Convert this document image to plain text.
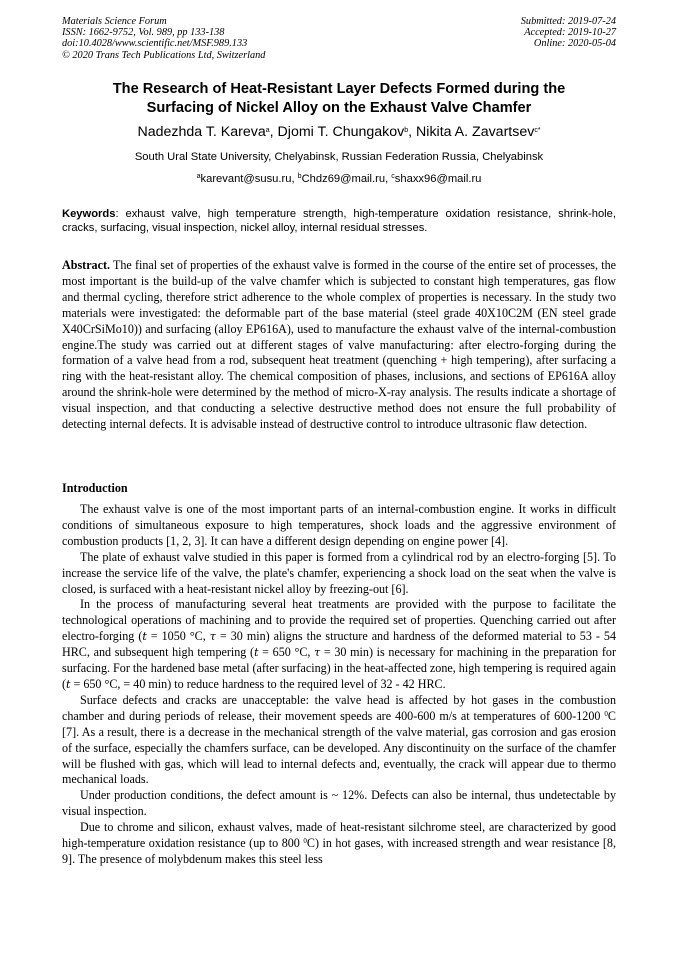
Materials Science Forum
ISSN: 1662-9752, Vol. 989, pp 133-138
doi:10.4028/www.scientific.net/MSF.989.133
© 2020 Trans Tech Publications Ltd, Switzerland
Submitted: 2019-07-24
Accepted: 2019-10-27
Online: 2020-05-04
The Research of Heat-Resistant Layer Defects Formed during the
Surfacing of Nickel Alloy on the Exhaust Valve Chamfer
Nadezhda T. Kareva$^a$, Djomi T. Chungakov$^b$, Nikita A. Zavartsev$^{c*}$
South Ural State University, Chelyabinsk, Russian Federation Russia, Chelyabinsk
$^a$karevant@susu.ru, $^b$Chdz69@mail.ru, $^c$shaxx96@mail.ru
Keywords: exhaust valve, high temperature strength, high-temperature oxidation resistance, shrink-hole, cracks, surfacing, visual inspection, nickel alloy, internal residual stresses.

Abstract. The final set of properties of the exhaust valve is formed in the course of the entire set of processes, the most important is the build-up of the valve chamfer which is subjected to constant high temperatures, gas flow and thermal cycling, therefore strict adherence to the whole complex of properties is necessary. In the study two materials were investigated: the deformable part of the base material (steel grade 40X10C2M (EN steel grade X40CrSiMo10)) and surfacing (alloy EP616A), used to manufacture the exhaust valve of the internal-combustion engine.The study was carried out at different stages of valve manufacturing: after electro-forging during the formation of a valve head from a rod, subsequent heat treatment (quenching + high tempering), after surfacing a ring with the heat-resistant alloy. The chemical composition of phases, inclusions, and sections of EP616A alloy around the shrink-hole were determined by the method of micro-X-ray analysis. The results indicate a shortage of visual inspection, and that conducting a selective destructive method does not ensure the full probability of detecting internal defects. It is advisable instead of destructive control to introduce ultrasonic flaw detection.

Introduction

The exhaust valve is one of the most important parts of an internal-combustion engine. It works in difficult conditions of simultaneous exposure to high temperatures, shock loads and the aggressive environment of combustion products [1, 2, 3]. It can have a different design depending on engine power [4].

The plate of exhaust valve studied in this paper is formed from a cylindrical rod by an electro-forging [5]. To increase the service life of the valve, the plate's chamfer, experiencing a shock load on the seat when the valve is closed, is surfaced with a heat-resistant nickel alloy by freezing-out [6].

In the process of manufacturing several heat treatments are provided with the purpose to facilitate the technological operations of machining and to provide the required set of properties. Quenching carried out after electro-forging (t = 1050 °C, τ = 30 min) aligns the structure and hardness of the deformed material to 53 - 54 HRC, and subsequent high tempering (t = 650 °C, τ = 30 min) is necessary for machining in the preparation for surfacing. For the hardened base metal (after surfacing) in the heat-affected zone, high tempering is required again (t = 650 °C, = 40 min) to reduce hardness to the required level of 32 - 42 HRC.

Surface defects and cracks are unacceptable: the valve head is affected by hot gases in the combustion chamber and during periods of release, their movement speeds are 400-600 m/s at temperatures of 600-1200 $^0$C [7]. As a result, there is a decrease in the mechanical strength of the valve material, gas corrosion and gas erosion of the surface, especially the chamfers surface, can be developed. Any discontinuity on the surface of the chamfer will be flushed with gas, which will lead to internal defects and, eventually, the crack will appear due to thermo mechanical loads.

Under production conditions, the defect amount is ~ 12%. Defects can also be internal, thus undetectable by visual inspection.

Due to chrome and silicon, exhaust valves, made of heat-resistant silchrome steel, are characterized by good high-temperature oxidation resistance (up to 800 $^0$C) in hot gases, with increased strength and wear resistance [8, 9]. The presence of molybdenum makes this steel less
